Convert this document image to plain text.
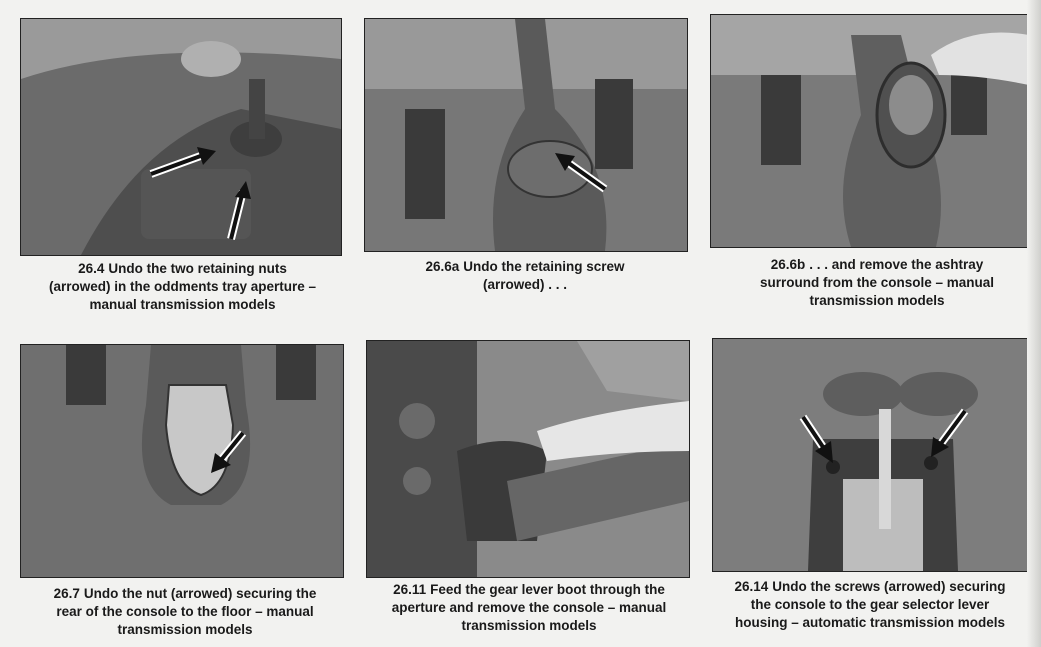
26.4 Undo the two retaining nuts
(arrowed) in the oddments tray aperture –
manual transmission models
26.6a Undo the retaining screw
(arrowed) . . .
26.6b . . . and remove the ashtray
surround from the console – manual
transmission models
26.7 Undo the nut (arrowed) securing the
rear of the console to the floor – manual
transmission models
26.11 Feed the gear lever boot through the
aperture and remove the console – manual
transmission models
26.14 Undo the screws (arrowed) securing
the console to the gear selector lever
housing – automatic transmission models
